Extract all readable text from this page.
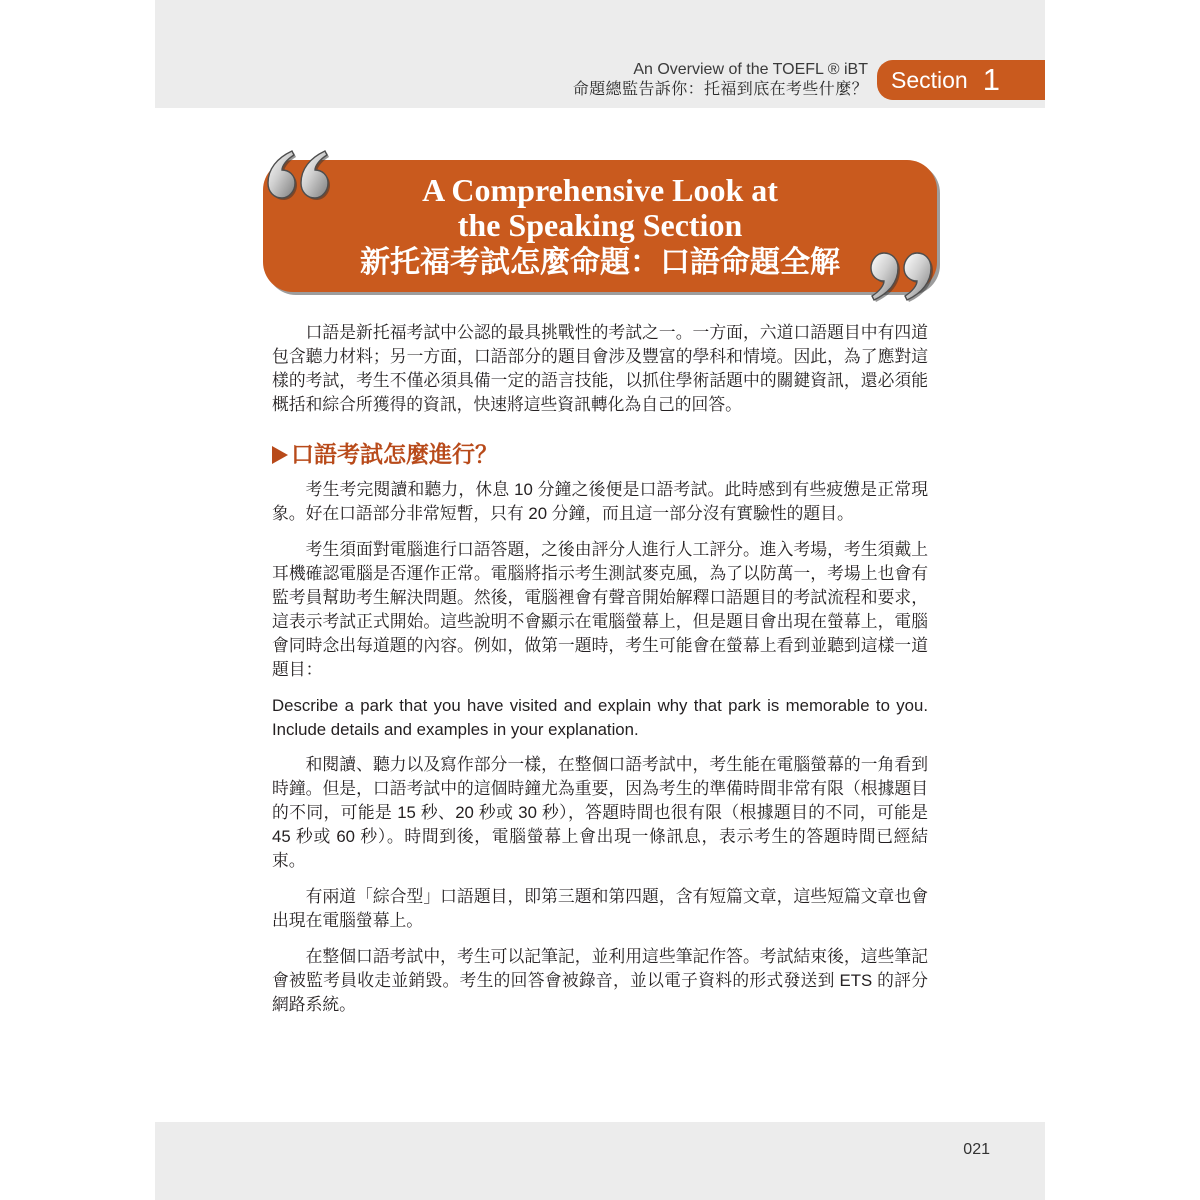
An Overview of the TOEFL ® iBT
命題總監告訴你：托福到底在考些什麼？ Section 1
A Comprehensive Look at
the Speaking Section
新托福考試怎麼命題：口語命題全解

口語是新托福考試中公認的最具挑戰性的考試之一。一方面，六道口語題目中有四道包含聽力材料；另一方面，口語部分的題目會涉及豐富的學科和情境。因此，為了應對這樣的考試，考生不僅必須具備一定的語言技能，以抓住學術話題中的關鍵資訊，還必須能概括和綜合所獲得的資訊，快速將這些資訊轉化為自己的回答。

口語考試怎麼進行？

考生考完閱讀和聽力，休息 10 分鐘之後便是口語考試。此時感到有些疲憊是正常現象。好在口語部分非常短暫，只有 20 分鐘，而且這一部分沒有實驗性的題目。

考生須面對電腦進行口語答題，之後由評分人進行人工評分。進入考場，考生須戴上耳機確認電腦是否運作正常。電腦將指示考生測試麥克風，為了以防萬一，考場上也會有監考員幫助考生解決問題。然後，電腦裡會有聲音開始解釋口語題目的考試流程和要求，這表示考試正式開始。這些說明不會顯示在電腦螢幕上，但是題目會出現在螢幕上，電腦會同時念出每道題的內容。例如，做第一題時，考生可能會在螢幕上看到並聽到這樣一道題目：

Describe a park that you have visited and explain why that park is memorable to you. Include details and examples in your explanation.

和閱讀、聽力以及寫作部分一樣，在整個口語考試中，考生能在電腦螢幕的一角看到時鐘。但是，口語考試中的這個時鐘尤為重要，因為考生的準備時間非常有限（根據題目的不同，可能是 15 秒、20 秒或 30 秒），答題時間也很有限（根據題目的不同，可能是 45 秒或 60 秒）。時間到後，電腦螢幕上會出現一條訊息，表示考生的答題時間已經結束。

有兩道「綜合型」口語題目，即第三題和第四題，含有短篇文章，這些短篇文章也會出現在電腦螢幕上。

在整個口語考試中，考生可以記筆記，並利用這些筆記作答。考試結束後，這些筆記會被監考員收走並銷毀。考生的回答會被錄音，並以電子資料的形式發送到 ETS 的評分網路系統。

021
